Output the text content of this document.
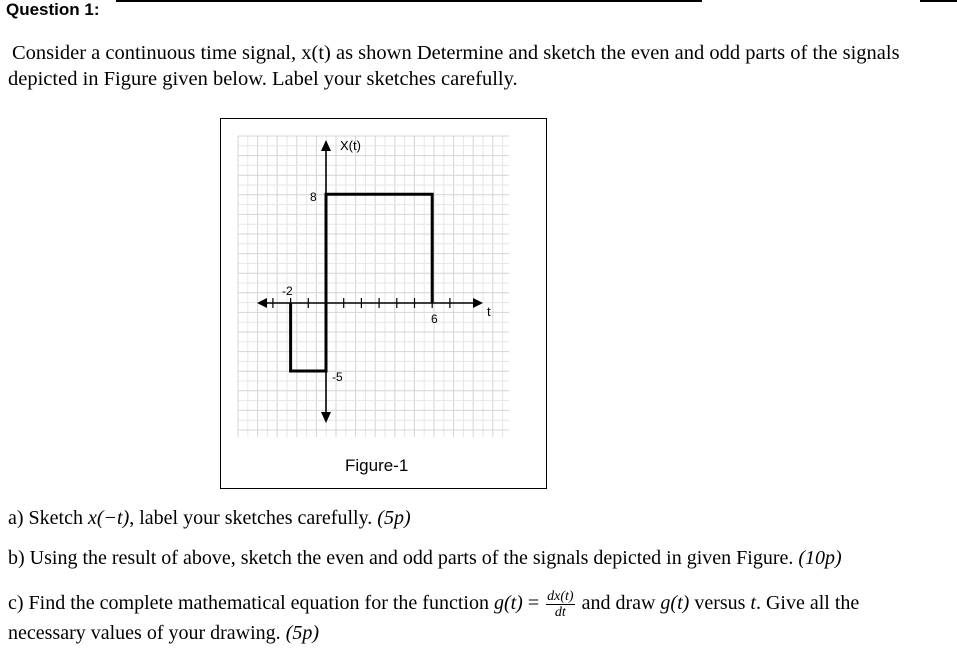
Question 1:
Consider a continuous time signal, x(t) as shown Determine and sketch the even and odd parts of the signals
depicted in Figure given below. Label your sketches carefully.
X(t)
t
8
-5
-2
6
Figure-1
a) Sketch x(−t), label your sketches carefully. (5p)
b) Using the result of above, sketch the even and odd parts of the signals depicted in given Figure. (10p)
c) Find the complete mathematical equation for the function $g(t) = \frac{dx(t)}{dt}$ and draw g(t) versus t. Give all the
necessary values of your drawing. (5p)
